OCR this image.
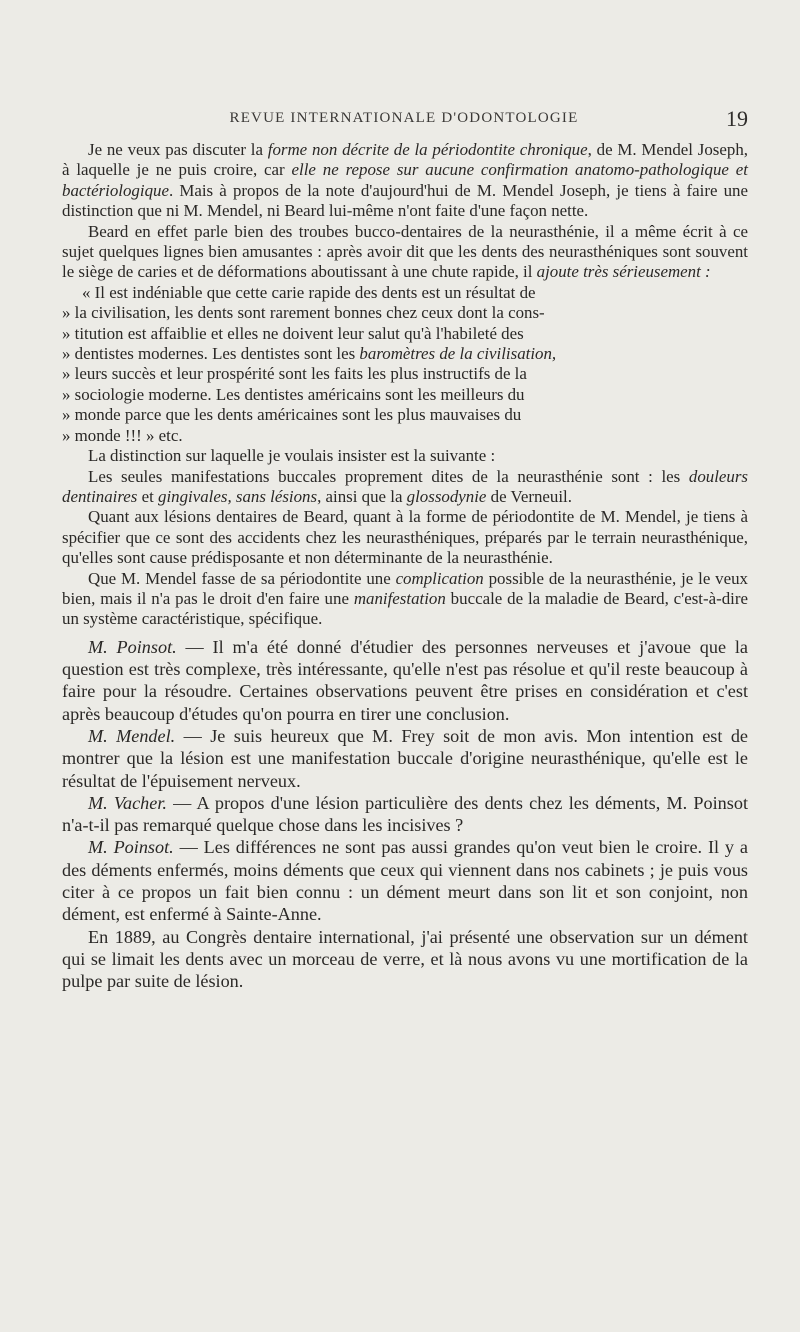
REVUE INTERNATIONALE D'ODONTOLOGIE	19

Je ne veux pas discuter la forme non décrite de la périodontite chronique, de M. Mendel Joseph, à laquelle je ne puis croire, car elle ne repose sur aucune confirmation anatomo-pathologique et bactériologique. Mais à propos de la note d'aujourd'hui de M. Mendel Joseph, je tiens à faire une distinction que ni M. Mendel, ni Beard lui-même n'ont faite d'une façon nette.

Beard en effet parle bien des troubes bucco-dentaires de la neurasthénie, il a même écrit à ce sujet quelques lignes bien amusantes : après avoir dit que les dents des neurasthéniques sont souvent le siège de caries et de déformations aboutissant à une chute rapide, il ajoute très sérieusement :

« Il est indéniable que cette carie rapide des dents est un résultat de

» la civilisation, les dents sont rarement bonnes chez ceux dont la cons-

» titution est affaiblie et elles ne doivent leur salut qu'à l'habileté des

» dentistes modernes. Les dentistes sont les baromètres de la civilisation,

» leurs succès et leur prospérité sont les faits les plus instructifs de la

» sociologie moderne. Les dentistes américains sont les meilleurs du

» monde parce que les dents américaines sont les plus mauvaises du

» monde !!! » etc.

La distinction sur laquelle je voulais insister est la suivante :

Les seules manifestations buccales proprement dites de la neurasthénie sont : les douleurs dentinaires et gingivales, sans lésions, ainsi que la glossodynie de Verneuil.

Quant aux lésions dentaires de Beard, quant à la forme de périodontite de M. Mendel, je tiens à spécifier que ce sont des accidents chez les neurasthéniques, préparés par le terrain neurasthénique, qu'elles sont cause prédisposante et non déterminante de la neurasthénie.

Que M. Mendel fasse de sa périodontite une complication possible de la neurasthénie, je le veux bien, mais il n'a pas le droit d'en faire une manifestation buccale de la maladie de Beard, c'est-à-dire un système caractéristique, spécifique.

M. Poinsot. — Il m'a été donné d'étudier des personnes nerveuses et j'avoue que la question est très complexe, très intéressante, qu'elle n'est pas résolue et qu'il reste beaucoup à faire pour la résoudre. Certaines observations peuvent être prises en considération et c'est après beaucoup d'études qu'on pourra en tirer une conclusion.

M. Mendel. — Je suis heureux que M. Frey soit de mon avis. Mon intention est de montrer que la lésion est une manifestation buccale d'origine neurasthénique, qu'elle est le résultat de l'épuisement nerveux.

M. Vacher. — A propos d'une lésion particulière des dents chez les déments, M. Poinsot n'a-t-il pas remarqué quelque chose dans les incisives ?

M. Poinsot. — Les différences ne sont pas aussi grandes qu'on veut bien le croire. Il y a des déments enfermés, moins déments que ceux qui viennent dans nos cabinets ; je puis vous citer à ce propos un fait bien connu : un dément meurt dans son lit et son conjoint, non dément, est enfermé à Sainte-Anne.

En 1889, au Congrès dentaire international, j'ai présenté une observation sur un dément qui se limait les dents avec un morceau de verre, et là nous avons vu une mortification de la pulpe par suite de lésion.
